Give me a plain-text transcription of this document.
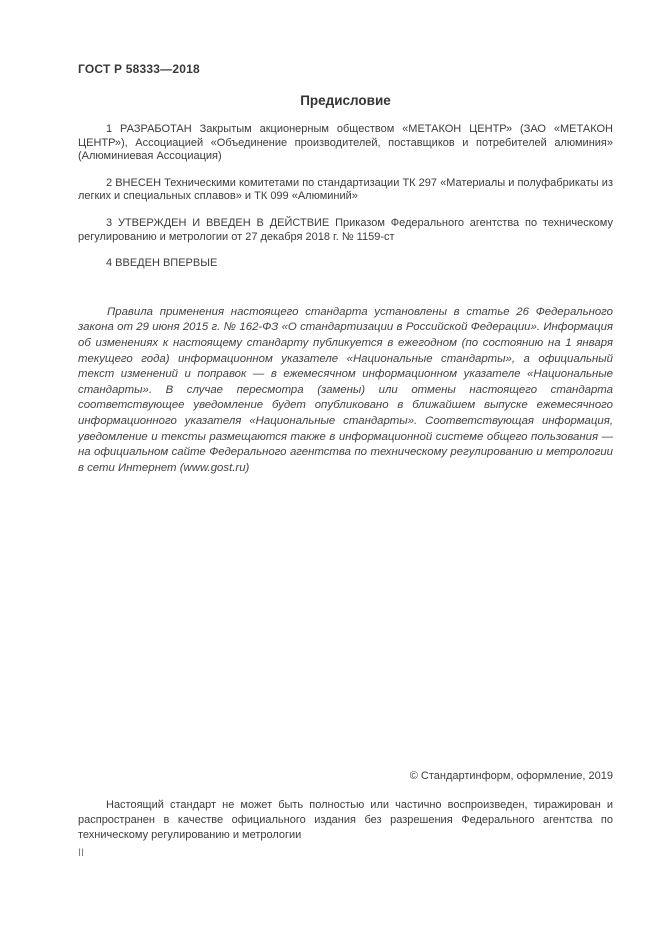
ГОСТ Р 58333—2018
Предисловие
1 РАЗРАБОТАН Закрытым акционерным обществом «МЕТАКОН ЦЕНТР» (ЗАО «МЕТАКОН ЦЕНТР»), Ассоциацией «Объединение производителей, поставщиков и потребителей алюминия» (Алюминиевая Ассоциация)
2 ВНЕСЕН Техническими комитетами по стандартизации ТК 297 «Материалы и полуфабрикаты из легких и специальных сплавов» и ТК 099 «Алюминий»
3 УТВЕРЖДЕН И ВВЕДЕН В ДЕЙСТВИЕ Приказом Федерального агентства по техническому регулированию и метрологии от 27 декабря 2018 г. № 1159-ст
4 ВВЕДЕН ВПЕРВЫЕ
Правила применения настоящего стандарта установлены в статье 26 Федерального закона от 29 июня 2015 г. № 162-ФЗ «О стандартизации в Российской Федерации». Информация об изменениях к настоящему стандарту публикуется в ежегодном (по состоянию на 1 января текущего года) информационном указателе «Национальные стандарты», а официальный текст изменений и поправок — в ежемесячном информационном указателе «Национальные стандарты». В случае пересмотра (замены) или отмены настоящего стандарта соответствующее уведомление будет опубликовано в ближайшем выпуске ежемесячного информационного указателя «Национальные стандарты». Соответствующая информация, уведомление и тексты размещаются также в информационной системе общего пользования — на официальном сайте Федерального агентства по техническому регулированию и метрологии в сети Интернет (www.gost.ru)
© Стандартинформ, оформление, 2019
Настоящий стандарт не может быть полностью или частично воспроизведен, тиражирован и распространен в качестве официального издания без разрешения Федерального агентства по техническому регулированию и метрологии
II
